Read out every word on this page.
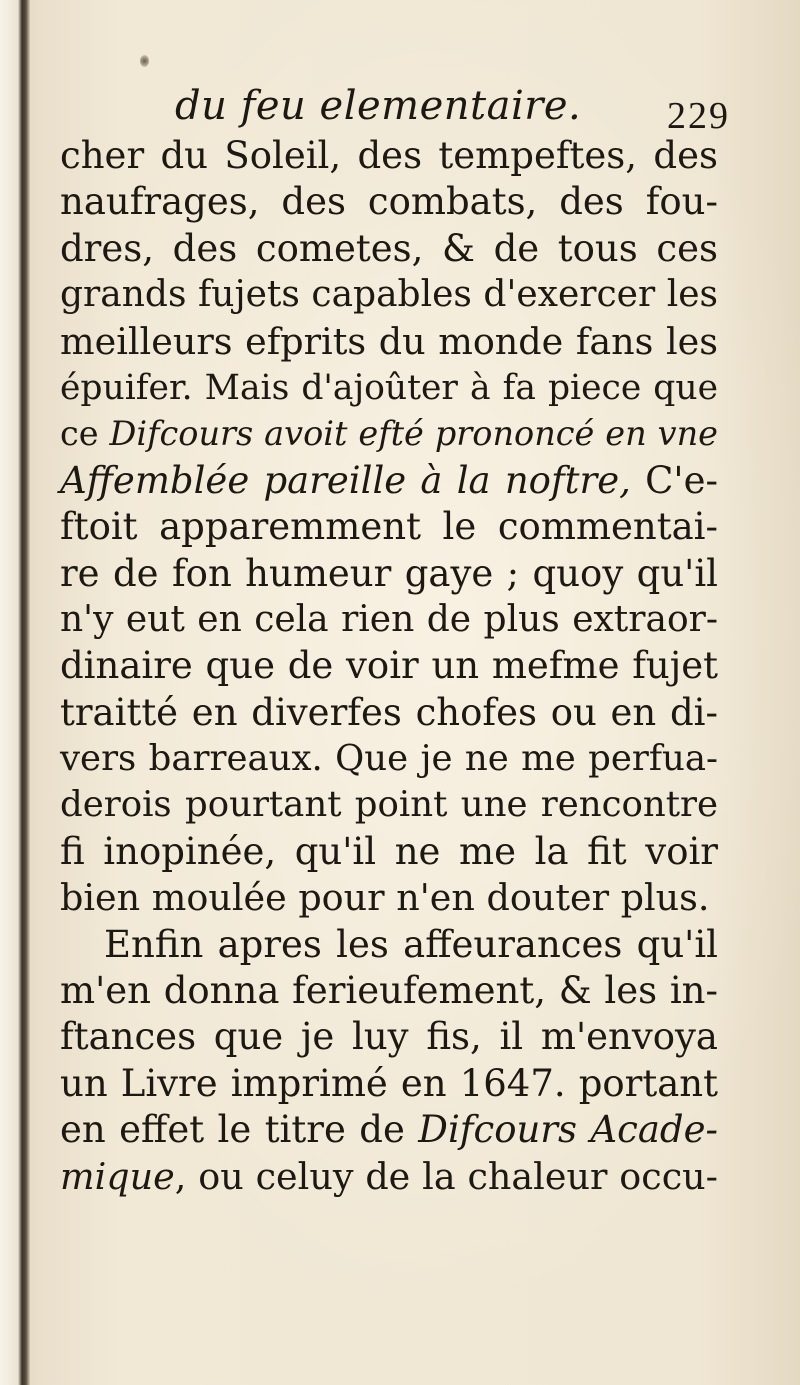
du feu elementaire. 229
cher du Soleil, des tempeftes, des
naufrages, des combats, des fou-
dres, des cometes, & de tous ces
grands fujets capables d'exercer les
meilleurs efprits du monde fans les
épuifer. Mais d'ajoûter à fa piece que
ce Difcours avoit efté prononcé en vne
Affemblée pareille à la noftre, C'e-
ftoit apparemment le commentai-
re de fon humeur gaye ; quoy qu'il
n'y eut en cela rien de plus extraor-
dinaire que de voir un mefme fujet
traitté en diverfes chofes ou en di-
vers barreaux. Que je ne me perfua-
derois pourtant point une rencontre
fi inopinée, qu'il ne me la fit voir
bien moulée pour n'en douter plus.
Enfin apres les affeurances qu'il
m'en donna ferieufement, & les in-
ftances que je luy fis, il m'envoya
un Livre imprimé en 1647. portant
en effet le titre de Difcours Acade-
mique, ou celuy de la chaleur occu-
